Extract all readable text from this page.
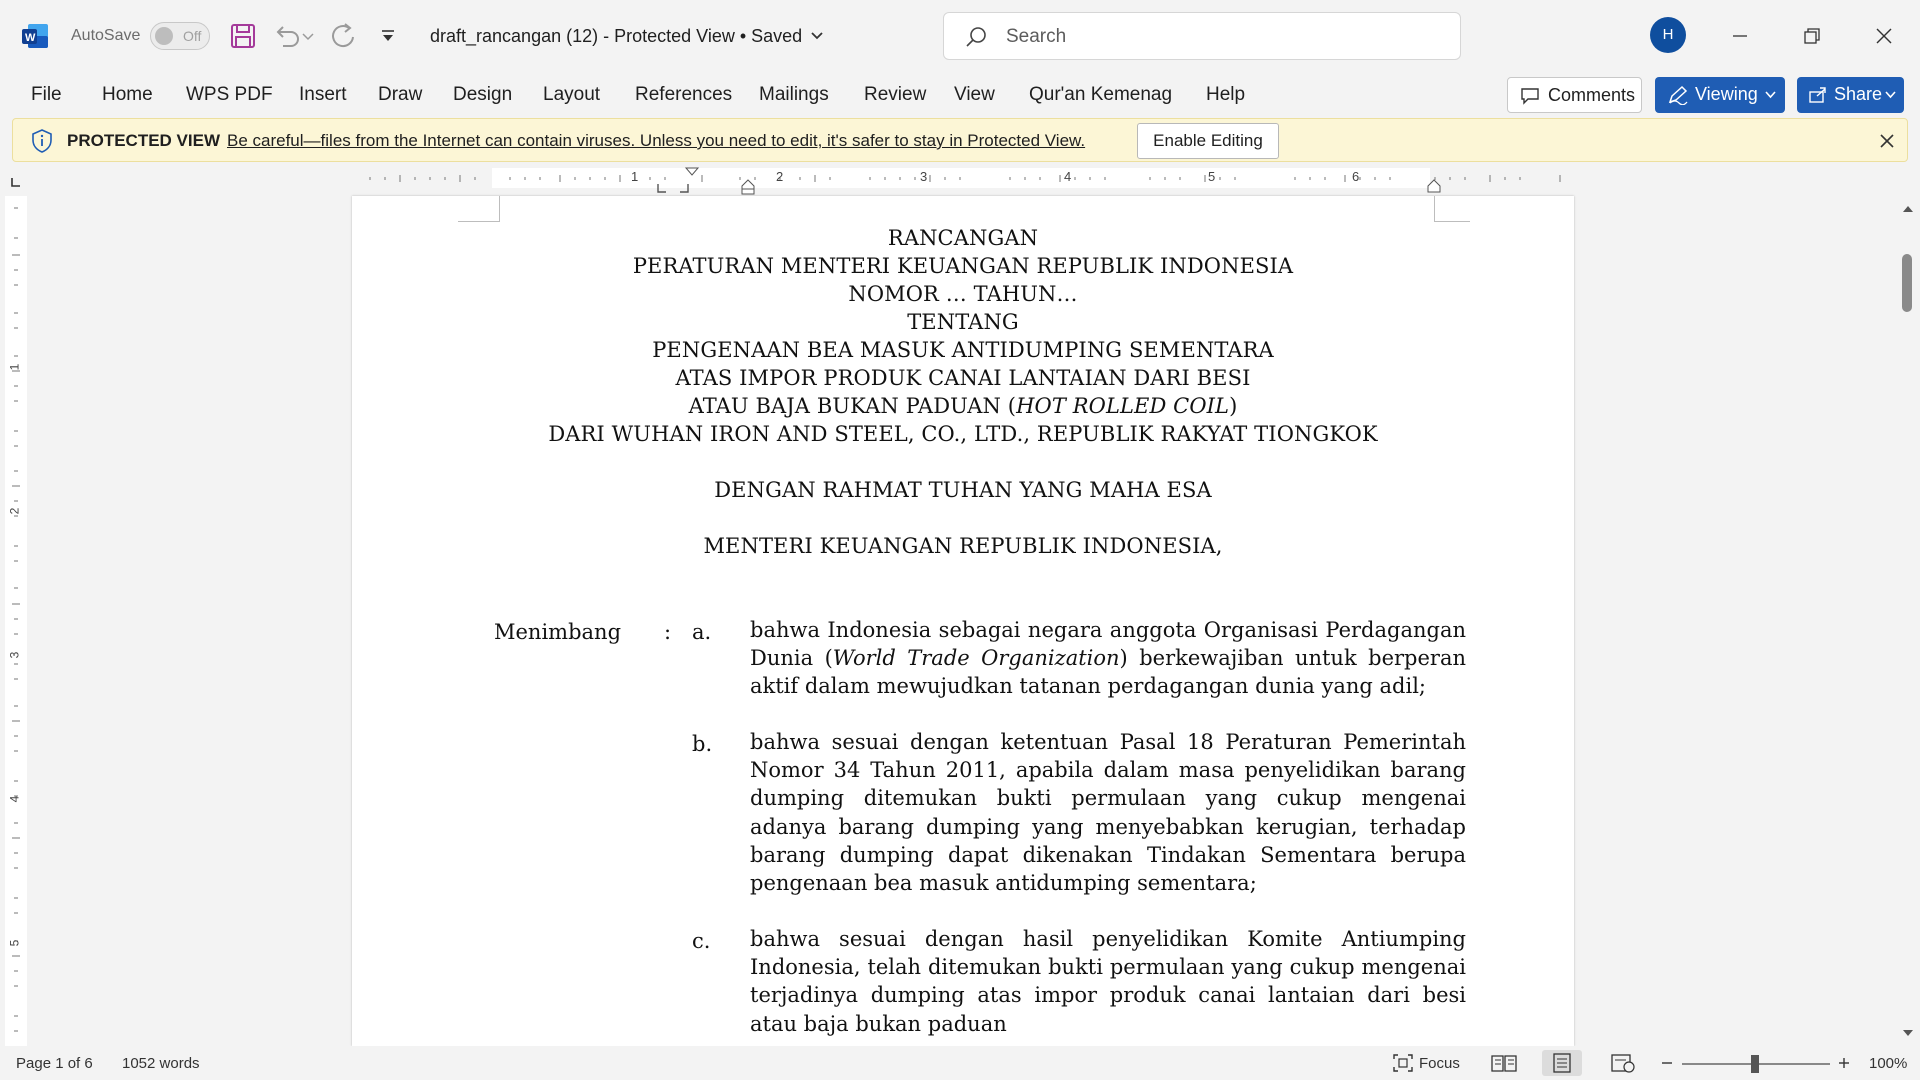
W AutoSave	Off	draft_rancangan (12) - Protected View • Saved	Search	H
File Home WPS PDF Insert Draw Design Layout References Mailings Review View Qur'an Kemenag Help	Comments	Viewing	Share
PROTECTED VIEW Be careful—files from the Internet can contain viruses. Unless you need to edit, it's safer to stay in Protected View.	Enable Editing
1	2	3	4	5	6
1
2
3
4
5
RANCANGAN
PERATURAN MENTERI KEUANGAN REPUBLIK INDONESIA
NOMOR … TAHUN…
TENTANG
PENGENAAN BEA MASUK ANTIDUMPING SEMENTARA
ATAS IMPOR PRODUK CANAI LANTAIAN DARI BESI
ATAU BAJA BUKAN PADUAN (HOT ROLLED COIL)
DARI WUHAN IRON AND STEEL, CO., LTD., REPUBLIK RAKYAT TIONGKOK
DENGAN RAHMAT TUHAN YANG MAHA ESA
MENTERI KEUANGAN REPUBLIK INDONESIA,
Menimbang : a. bahwa Indonesia sebagai negara anggota Organisasi Perdagangan Dunia (World Trade Organization) berkewajiban untuk berperan aktif dalam mewujudkan tatanan perdagangan dunia yang adil;
b. bahwa sesuai dengan ketentuan Pasal 18 Peraturan Pemerintah Nomor 34 Tahun 2011, apabila dalam masa penyelidikan barang dumping ditemukan bukti permulaan yang cukup mengenai adanya barang dumping yang menyebabkan kerugian, terhadap barang dumping dapat dikenakan Tindakan Sementara berupa pengenaan bea masuk antidumping sementara;
c. bahwa sesuai dengan hasil penyelidikan Komite Antiumping Indonesia, telah ditemukan bukti permulaan yang cukup mengenai terjadinya dumping atas impor produk canai lantaian dari besi atau baja bukan paduan
Page 1 of 6 1052 words	Focus	100%
